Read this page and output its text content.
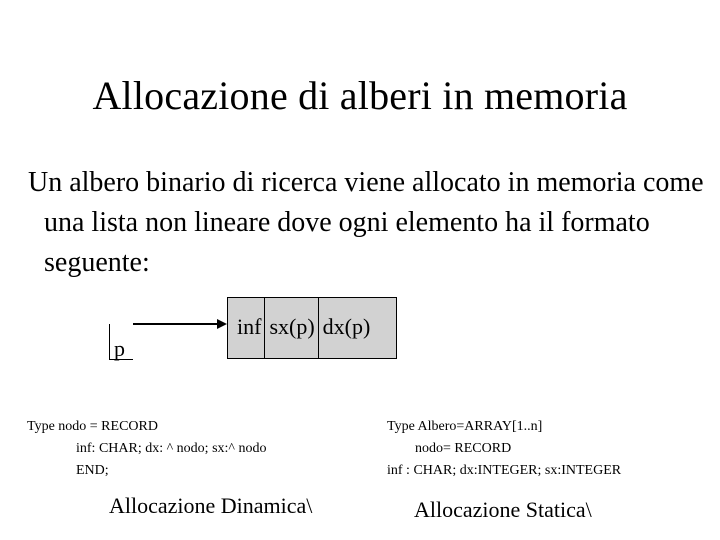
Allocazione di alberi in memoria
Un albero binario di ricerca viene allocato in memoria come una lista non lineare dove ogni elemento ha il formato seguente:
p
inf sx(p) dx(p)
Type nodo = RECORD
inf: CHAR; dx: ^ nodo; sx:^ nodo
END;
Type Albero=ARRAY[1..n]
nodo= RECORD
inf : CHAR; dx:INTEGER; sx:INTEGER
Allocazione Dinamica\	Allocazione Statica\
